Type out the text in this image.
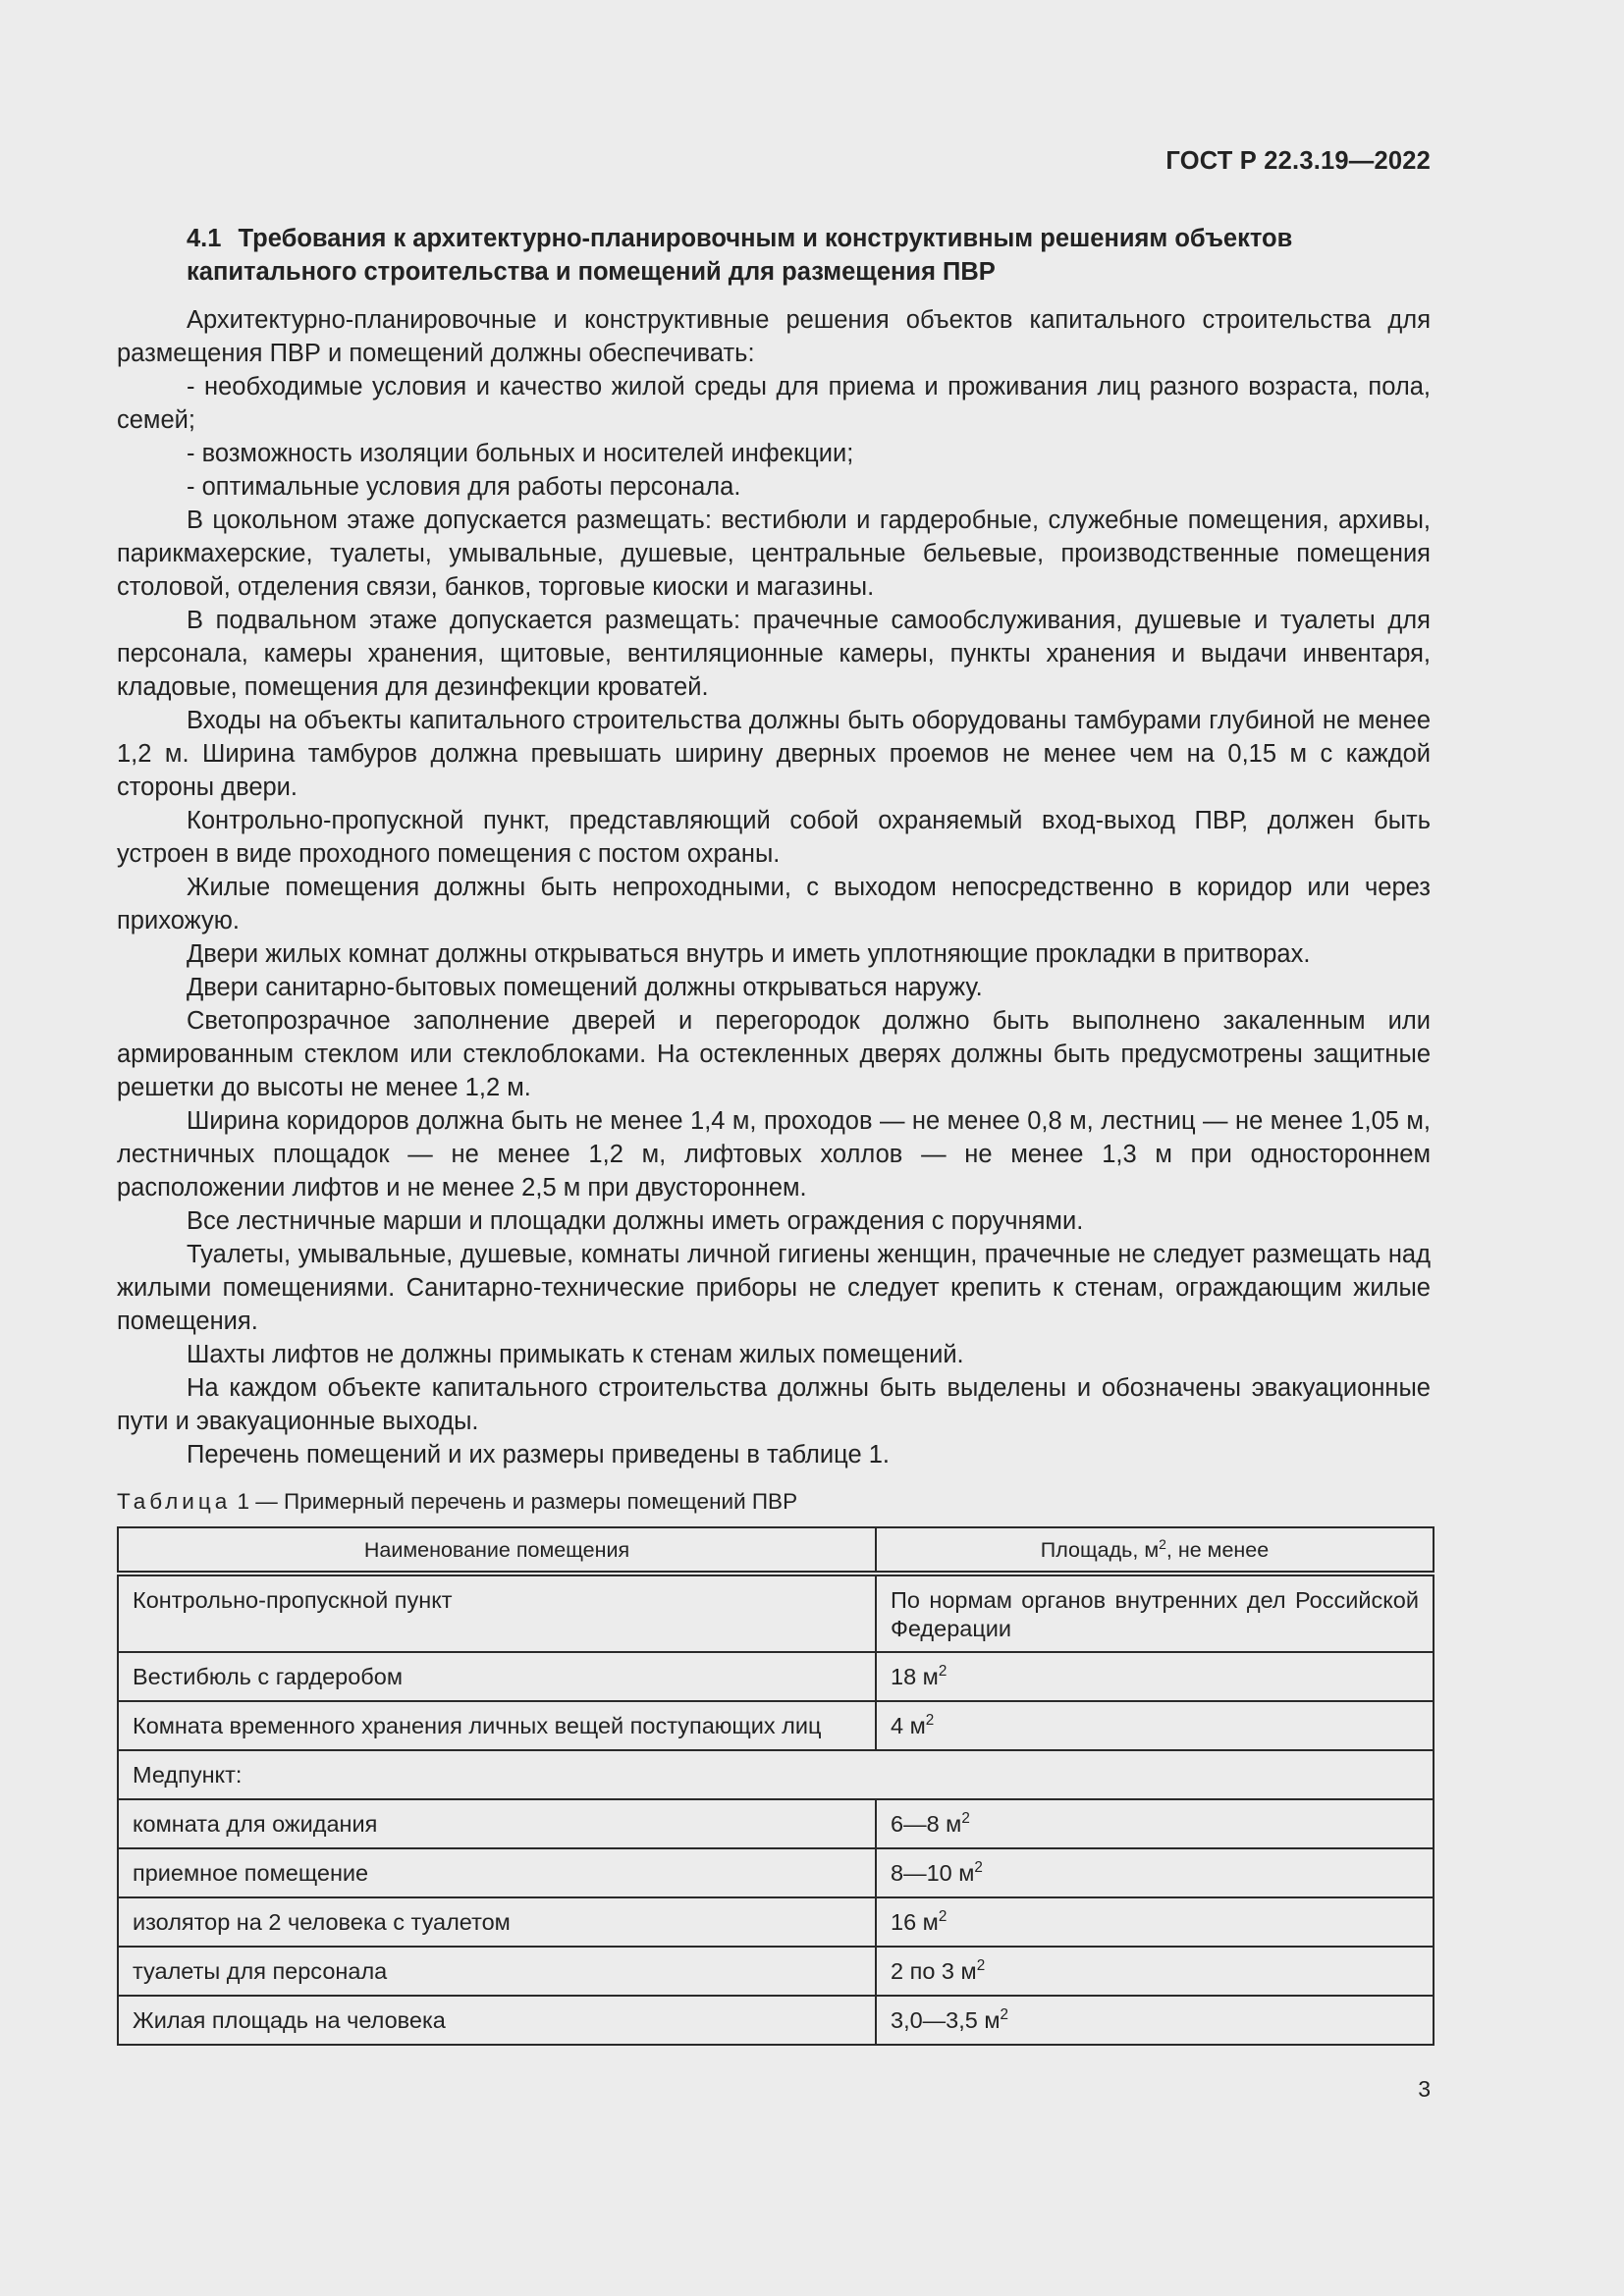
ГОСТ Р 22.3.19—2022
4.1 Требования к архитектурно-планировочным и конструктивным решениям объектов капитального строительства и помещений для размещения ПВР

Архитектурно-планировочные и конструктивные решения объектов капитального строительства для размещения ПВР и помещений должны обеспечивать:

- необходимые условия и качество жилой среды для приема и проживания лиц разного возраста, пола, семей;

- возможность изоляции больных и носителей инфекции;

- оптимальные условия для работы персонала.

В цокольном этаже допускается размещать: вестибюли и гардеробные, служебные помещения, архивы, парикмахерские, туалеты, умывальные, душевые, центральные бельевые, производственные помещения столовой, отделения связи, банков, торговые киоски и магазины.

В подвальном этаже допускается размещать: прачечные самообслуживания, душевые и туалеты для персонала, камеры хранения, щитовые, вентиляционные камеры, пункты хранения и выдачи инвентаря, кладовые, помещения для дезинфекции кроватей.

Входы на объекты капитального строительства должны быть оборудованы тамбурами глубиной не менее 1,2 м. Ширина тамбуров должна превышать ширину дверных проемов не менее чем на 0,15 м с каждой стороны двери.

Контрольно-пропускной пункт, представляющий собой охраняемый вход-выход ПВР, должен быть устроен в виде проходного помещения с постом охраны.

Жилые помещения должны быть непроходными, с выходом непосредственно в коридор или через прихожую.

Двери жилых комнат должны открываться внутрь и иметь уплотняющие прокладки в притворах.

Двери санитарно-бытовых помещений должны открываться наружу.

Светопрозрачное заполнение дверей и перегородок должно быть выполнено закаленным или армированным стеклом или стеклоблоками. На остекленных дверях должны быть предусмотрены защитные решетки до высоты не менее 1,2 м.

Ширина коридоров должна быть не менее 1,4 м, проходов — не менее 0,8 м, лестниц — не менее 1,05 м, лестничных площадок — не менее 1,2 м, лифтовых холлов — не менее 1,3 м при одностороннем расположении лифтов и не менее 2,5 м при двустороннем.

Все лестничные марши и площадки должны иметь ограждения с поручнями.

Туалеты, умывальные, душевые, комнаты личной гигиены женщин, прачечные не следует размещать над жилыми помещениями. Санитарно-технические приборы не следует крепить к стенам, ограждающим жилые помещения.

Шахты лифтов не должны примыкать к стенам жилых помещений.

На каждом объекте капитального строительства должны быть выделены и обозначены эвакуационные пути и эвакуационные выходы.

Перечень помещений и их размеры приведены в таблице 1.

Таблица 1 — Примерный перечень и размеры помещений ПВР
Наименование помещения	Площадь, $м^2$, не менее
Контрольно-пропускной пункт	По нормам органов внутренних дел Российской Федерации
Вестибюль с гардеробом	18 $м^2$
Комната временного хранения личных вещей поступающих лиц	4 $м^2$
Медпункт:	
комната для ожидания	6—8 $м^2$
приемное помещение	8—10 $м^2$
изолятор на 2 человека с туалетом	16 $м^2$
туалеты для персонала	2 по 3 $м^2$
Жилая площадь на человека	3,0—3,5 $м^2$
3
